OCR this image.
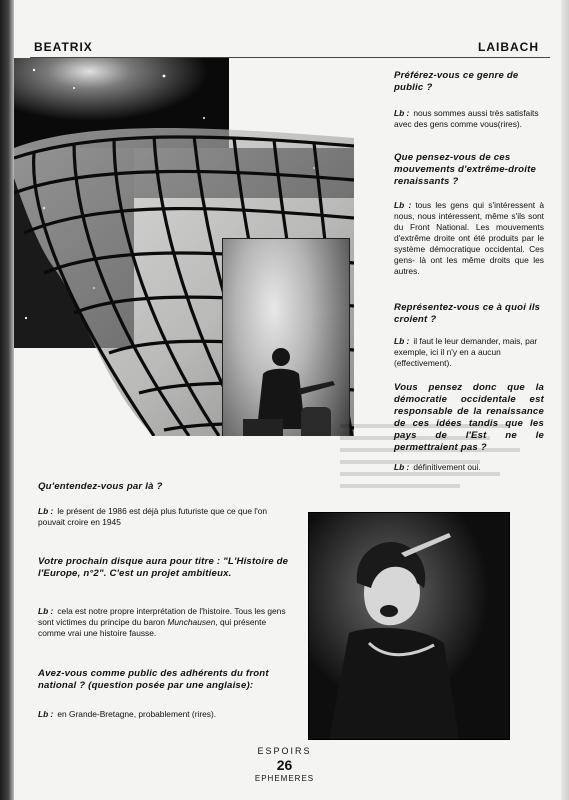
BEATRIX	LAIBACH

Préférez-vous ce genre de public ?

Lb : nous sommes aussi très satisfaits avec des gens comme vous(rires).

Que pensez-vous de ces mouvements d'extrême-droite renaissants ?

Lb : tous les gens qui s'intéressent à nous, nous intéressent, même s'ils sont du Front National. Les mouvements d'extrême droite ont été produits par le système démocratique occidental. Ces gens- là ont les même droits que les autres.

Représentez-vous ce à quoi ils croient ?

Lb : il faut le leur demander, mais, par exemple, ici il n'y en a aucun (effectivement).

Vous pensez donc que la démocratie occidentale est responsable de la renaissance de ces idées tandis que les pays de l'Est ne le permettraient pas ?

Lb : définitivement oui.

Qu'entendez-vous par là ?

Lb : le présent de 1986 est déjà plus futuriste que ce que l'on pouvait croire en 1945

Votre prochain disque aura pour titre : "L'Histoire de l'Europe, n°2". C'est un projet ambitieux.

Lb : cela est notre propre interprétation de l'histoire. Tous les gens sont victimes du principe du baron Munchausen, qui présente comme vrai une histoire fausse.

Avez-vous comme public des adhérents du front national ? (question posée par une anglaise):

Lb : en Grande-Bretagne, probablement (rires).

ESPOIRS
26
EPHEMERES
